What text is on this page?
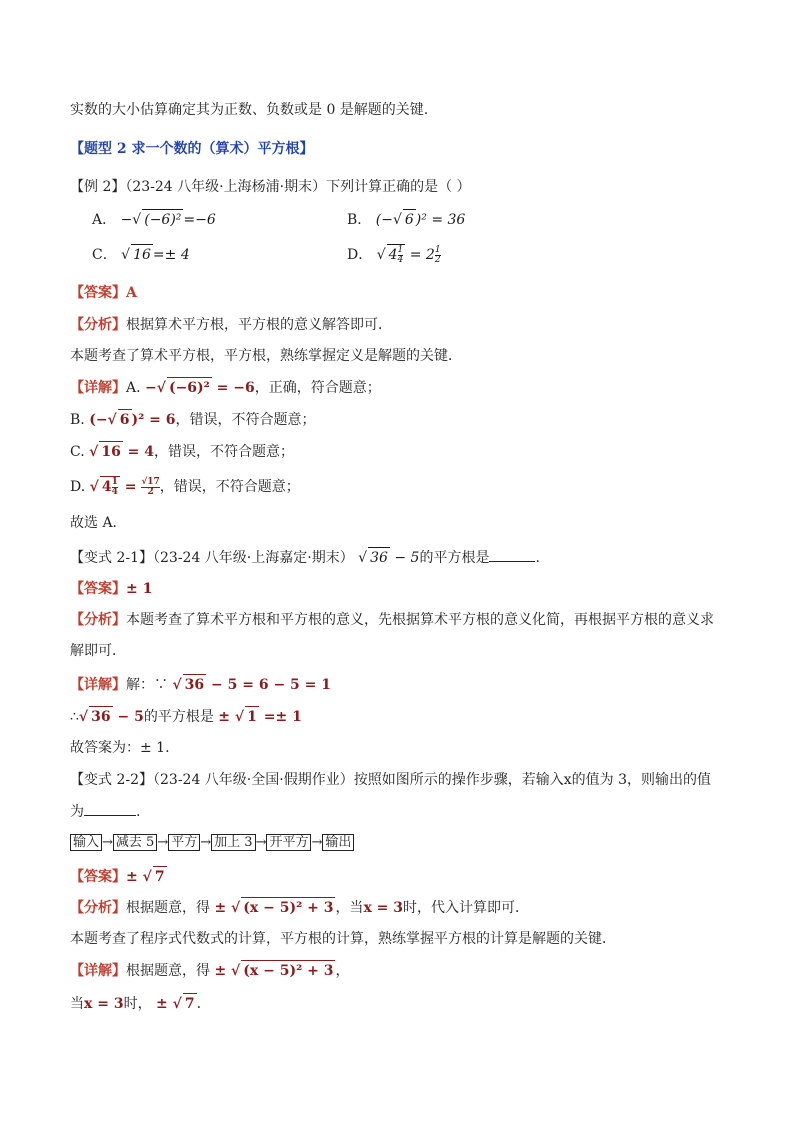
实数的大小估算确定其为正数、负数或是 0 是解题的关键.
【题型 2 求一个数的（算术）平方根】
【例 2】（23-24 八年级·上海杨浦·期末）下列计算正确的是（ ）
A． −√ (−6)² =−6	B． (−√ 6 )² = 36
C． √ 16 =± 4	D． √ $4 \frac{1}{4} = 2 \frac{1}{2}$
【答案】A
【分析】根据算术平方根，平方根的意义解答即可．
本题考查了算术平方根，平方根，熟练掌握定义是解题的关键．
【详解】A. −√ (−6)² = −6，正确，符合题意；
B. (−√ 6 )² = 6，错误，不符合题意；
C. √ 16 = 4，错误，不符合题意；
D. √ $4 \frac{1}{4} = \frac{√17}{2}$ ，错误，不符合题意；
故选 A．
【变式 2-1】（23-24 八年级·上海嘉定·期末） √ 36 − 5的平方根是	.
【答案】± 1
【分析】本题考查了算术平方根和平方根的意义，先根据算术平方根的意义化简，再根据平方根的意义求
解即可．
【详解】解：∵ √ 36 − 5 = 6 − 5 = 1
∴√ 36 − 5的平方根是 ± √ 1 =± 1
故答案为：± 1.
【变式 2-2】（23-24 八年级·全国·假期作业）按照如图所示的操作步骤，若输入x的值为 3，则输出的值
为	.
输入 → 减去 5 → 平方 → 加上 3 → 开平方 → 输出
【答案】± √ 7
【分析】根据题意，得 ± √ (x − 5)² + 3 ，当x = 3时，代入计算即可．
本题考查了程序式代数式的计算，平方根的计算，熟练掌握平方根的计算是解题的关键．
【详解】根据题意，得 ± √ (x − 5)² + 3 ，
当x = 3时， ± √ 7 .
